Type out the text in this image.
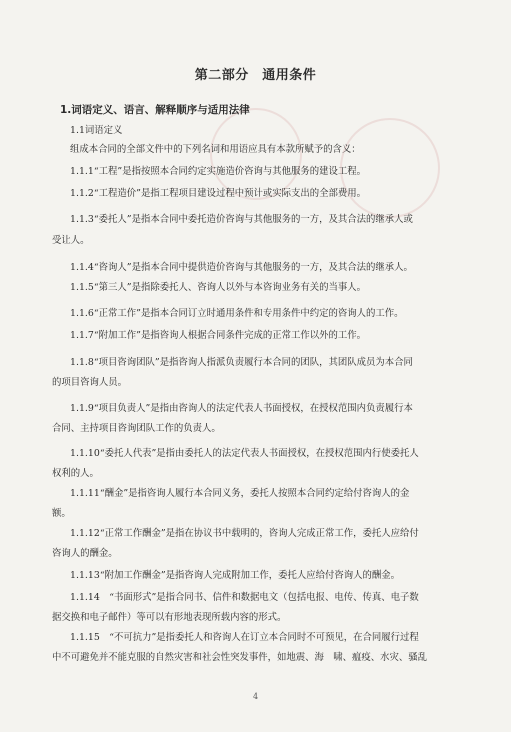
第二部分　通用条件
1.词语定义、语言、解释顺序与适用法律
1.1词语定义
组成本合同的全部文件中的下列名词和用语应具有本款所赋予的含义：
1.1.1“工程”是指按照本合同约定实施造价咨询与其他服务的建设工程。
1.1.2“工程造价”是指工程项目建设过程中预计或实际支出的全部费用。
1.1.3“委托人”是指本合同中委托造价咨询与其他服务的一方，及其合法的继承人或
受让人。
1.1.4“咨询人”是指本合同中提供造价咨询与其他服务的一方，及其合法的继承人。
1.1.5“第三人”是指除委托人、咨询人以外与本咨询业务有关的当事人。
1.1.6“正常工作”是指本合同订立时通用条件和专用条件中约定的咨询人的工作。
1.1.7“附加工作”是指咨询人根据合同条件完成的正常工作以外的工作。
1.1.8“项目咨询团队”是指咨询人指派负责履行本合同的团队，其团队成员为本合同
的项目咨询人员。
1.1.9“项目负责人”是指由咨询人的法定代表人书面授权，在授权范围内负责履行本
合同、主持项目咨询团队工作的负责人。
1.1.10“委托人代表”是指由委托人的法定代表人书面授权，在授权范围内行使委托人
权利的人。
1.1.11“酬金”是指咨询人履行本合同义务，委托人按照本合同约定给付咨询人的金
额。
1.1.12“正常工作酬金”是指在协议书中载明的，咨询人完成正常工作，委托人应给付
咨询人的酬金。
1.1.13“附加工作酬金”是指咨询人完成附加工作，委托人应给付咨询人的酬金。
1.1.14　“书面形式”是指合同书、信件和数据电文（包括电报、电传、传真、电子数
据交换和电子邮件）等可以有形地表现所载内容的形式。
1.1.15　“不可抗力”是指委托人和咨询人在订立本合同时不可预见，在合同履行过程
中不可避免并不能克服的自然灾害和社会性突发事件，如地震、海　啸、瘟疫、水灾、骚乱
4
